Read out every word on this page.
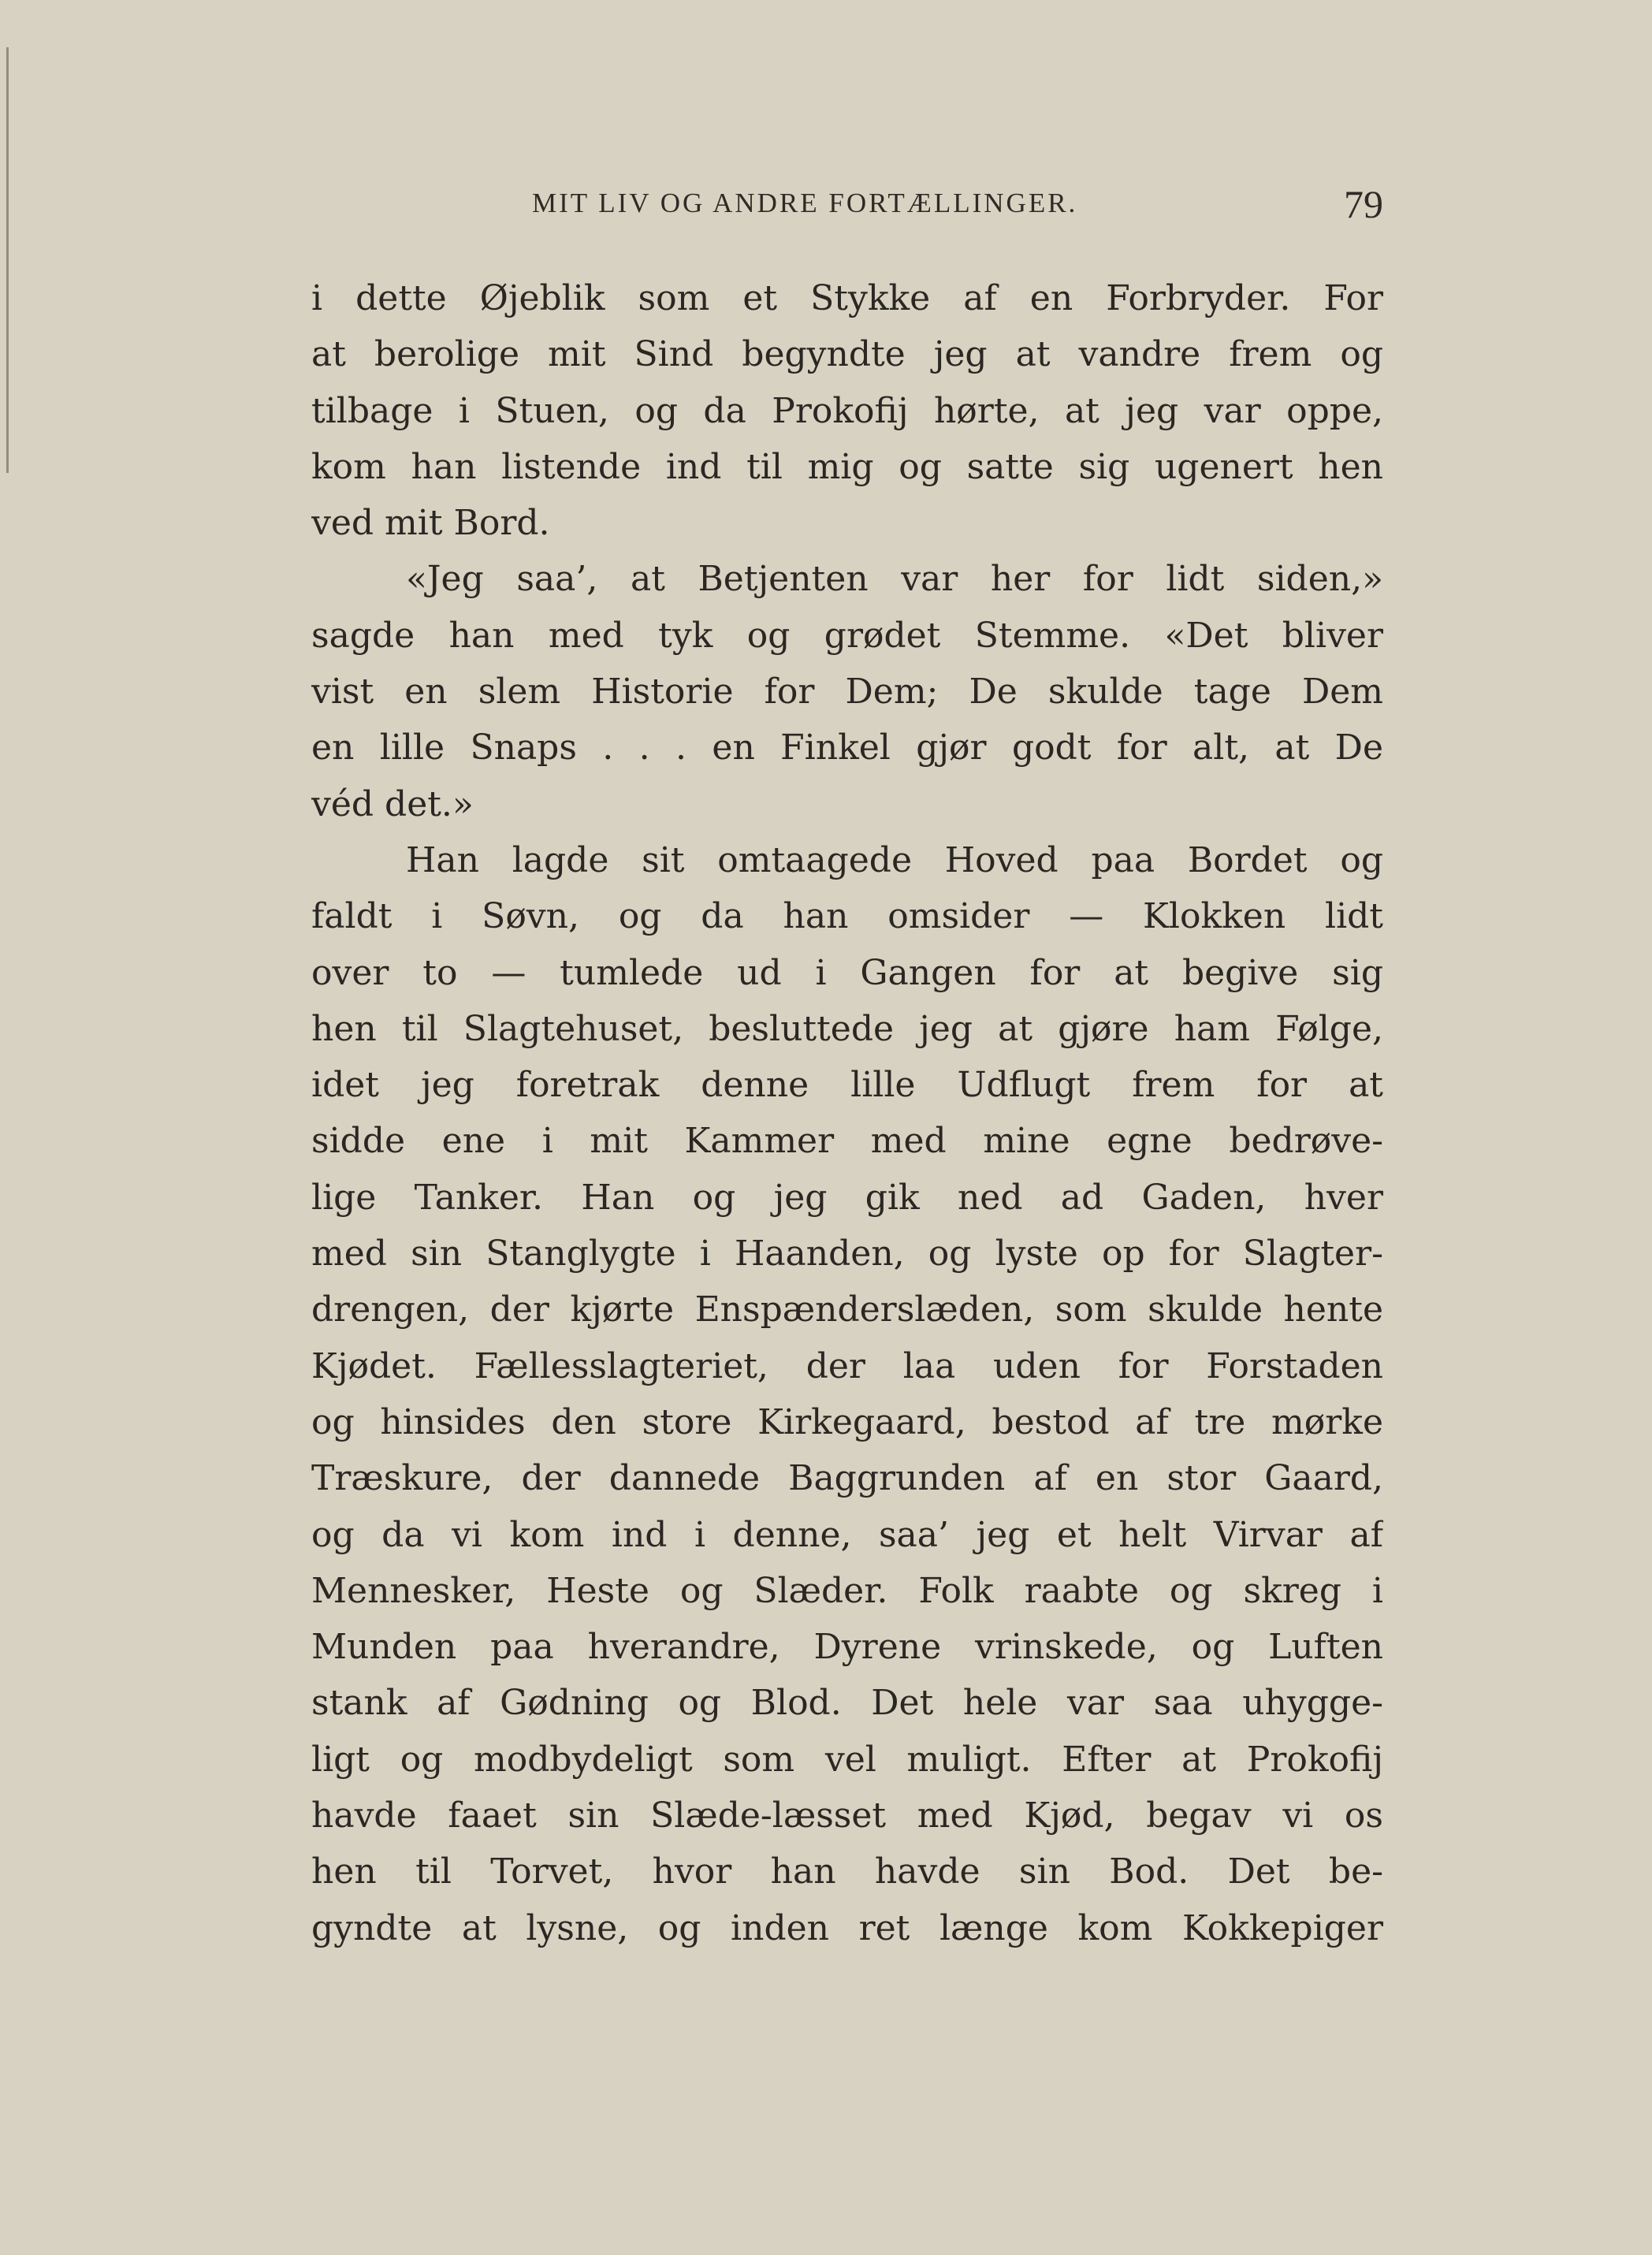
MIT LIV OG ANDRE FORTÆLLINGER.	79
i dette Øjeblik som et Stykke af en Forbryder. For
at berolige mit Sind begyndte jeg at vandre frem og
tilbage i Stuen, og da Prokofij hørte, at jeg var oppe,
kom han listende ind til mig og satte sig ugenert hen
ved mit Bord.
«Jeg saa’, at Betjenten var her for lidt siden,»
sagde han med tyk og grødet Stemme. «Det bliver
vist en slem Historie for Dem; De skulde tage Dem
en lille Snaps . . . en Finkel gjør godt for alt, at De
véd det.»
Han lagde sit omtaagede Hoved paa Bordet og
faldt i Søvn, og da han omsider — Klokken lidt
over to — tumlede ud i Gangen for at begive sig
hen til Slagtehuset, besluttede jeg at gjøre ham Følge,
idet jeg foretrak denne lille Udflugt frem for at
sidde ene i mit Kammer med mine egne bedrøve-
lige Tanker. Han og jeg gik ned ad Gaden, hver
med sin Stanglygte i Haanden, og lyste op for Slagter-
drengen, der kjørte Enspænderslæden, som skulde hente
Kjødet. Fællesslagteriet, der laa uden for Forstaden
og hinsides den store Kirkegaard, bestod af tre mørke
Træskure, der dannede Baggrunden af en stor Gaard,
og da vi kom ind i denne, saa’ jeg et helt Virvar af
Mennesker, Heste og Slæder. Folk raabte og skreg i
Munden paa hverandre, Dyrene vrinskede, og Luften
stank af Gødning og Blod. Det hele var saa uhygge-
ligt og modbydeligt som vel muligt. Efter at Prokofij
havde faaet sin Slæde-læsset med Kjød, begav vi os
hen til Torvet, hvor han havde sin Bod. Det be-
gyndte at lysne, og inden ret længe kom Kokkepiger
